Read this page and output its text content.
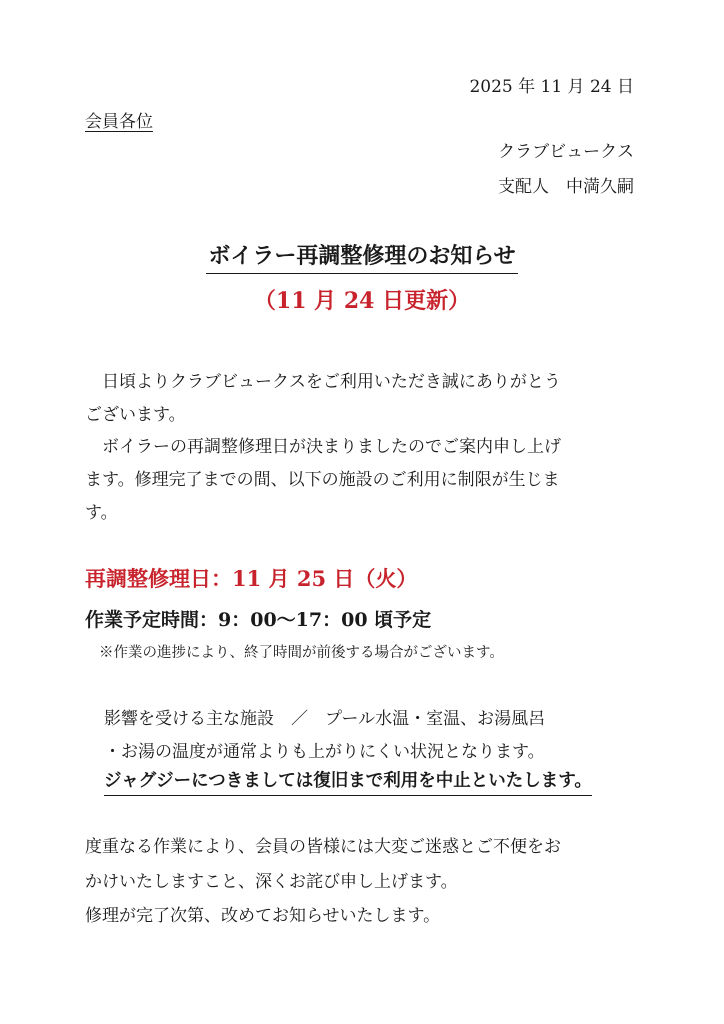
2025 年 11 月 24 日
会員各位
クラブビュークス
支配人　中満久嗣
ボイラー再調整修理のお知らせ
（11 月 24 日更新）
　日頃よりクラブビュークスをご利用いただき誠にありがとう
ございます。
　ボイラーの再調整修理日が決まりましたのでご案内申し上げ
ます。修理完了までの間、以下の施設のご利用に制限が生じま
す。
再調整修理日：11 月 25 日（火）
作業予定時間：9：00～17：00 頃予定
※作業の進捗により、終了時間が前後する場合がございます。
影響を受ける主な施設　／　プール水温・室温、お湯風呂
・お湯の温度が通常よりも上がりにくい状況となります。
ジャグジーにつきましては復旧まで利用を中止といたします。
度重なる作業により、会員の皆様には大変ご迷惑とご不便をお
かけいたしますこと、深くお詫び申し上げます。
修理が完了次第、改めてお知らせいたします。
